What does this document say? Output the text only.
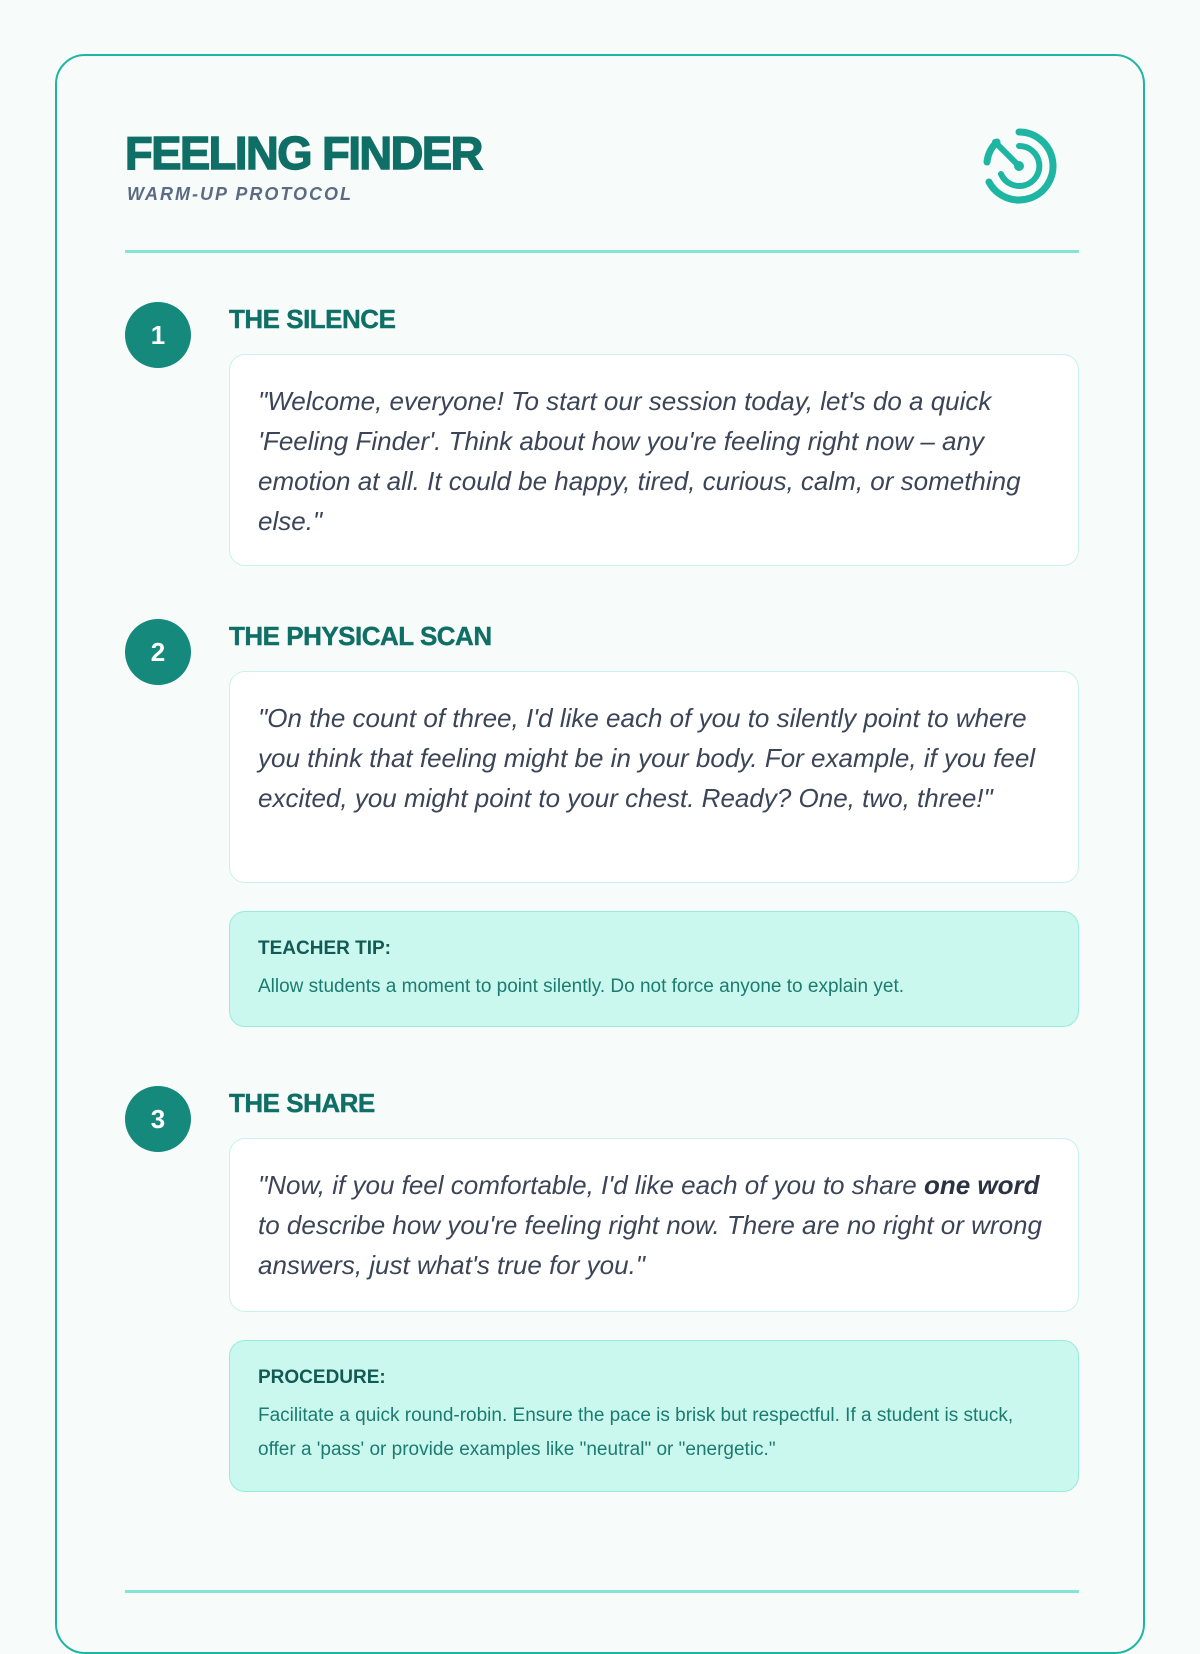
FEELING FINDER
WARM-UP PROTOCOL
1
THE SILENCE
"Welcome, everyone! To start our session today, let's do a quick 'Feeling Finder'. Think about how you're feeling right now – any emotion at all. It could be happy, tired, curious, calm, or something else."
2
THE PHYSICAL SCAN
"On the count of three, I'd like each of you to silently point to where you think that feeling might be in your body. For example, if you feel excited, you might point to your chest. Ready? One, two, three!"
TEACHER TIP:
Allow students a moment to point silently. Do not force anyone to explain yet.
3
THE SHARE
"Now, if you feel comfortable, I'd like each of you to share one word to describe how you're feeling right now. There are no right or wrong answers, just what's true for you."
PROCEDURE:
Facilitate a quick round-robin. Ensure the pace is brisk but respectful. If a student is stuck, offer a 'pass' or provide examples like "neutral" or "energetic."
